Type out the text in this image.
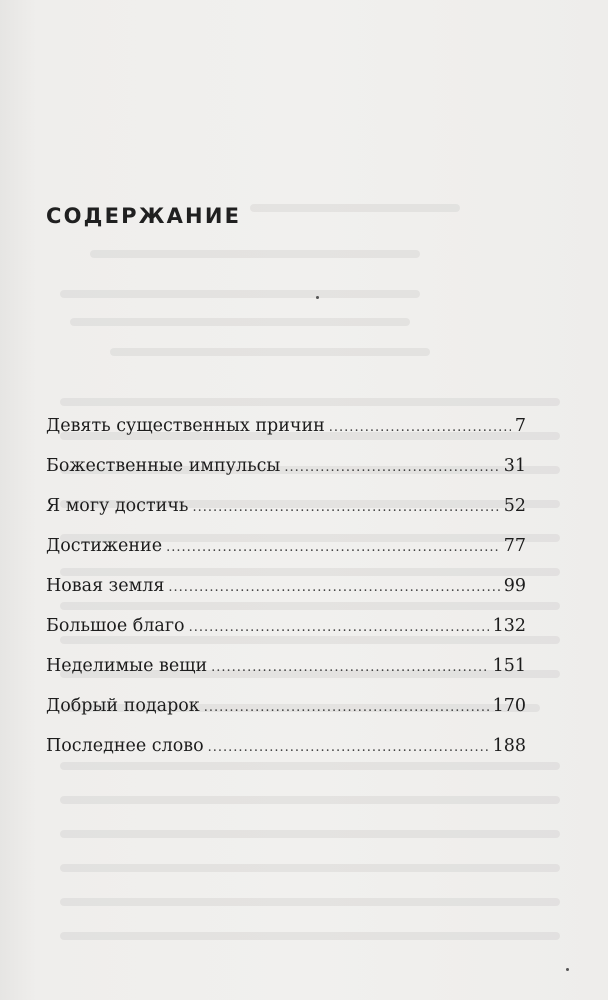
СОДЕРЖАНИЕ
Девять существенных причин .....	7
Божественные импульсы .....	31
Я могу достичь .....	52
Достижение .....	77
Новая земля .....	99
Большое благо .....	132
Неделимые вещи .....	151
Добрый подарок .....	170
Последнее слово .....	188
